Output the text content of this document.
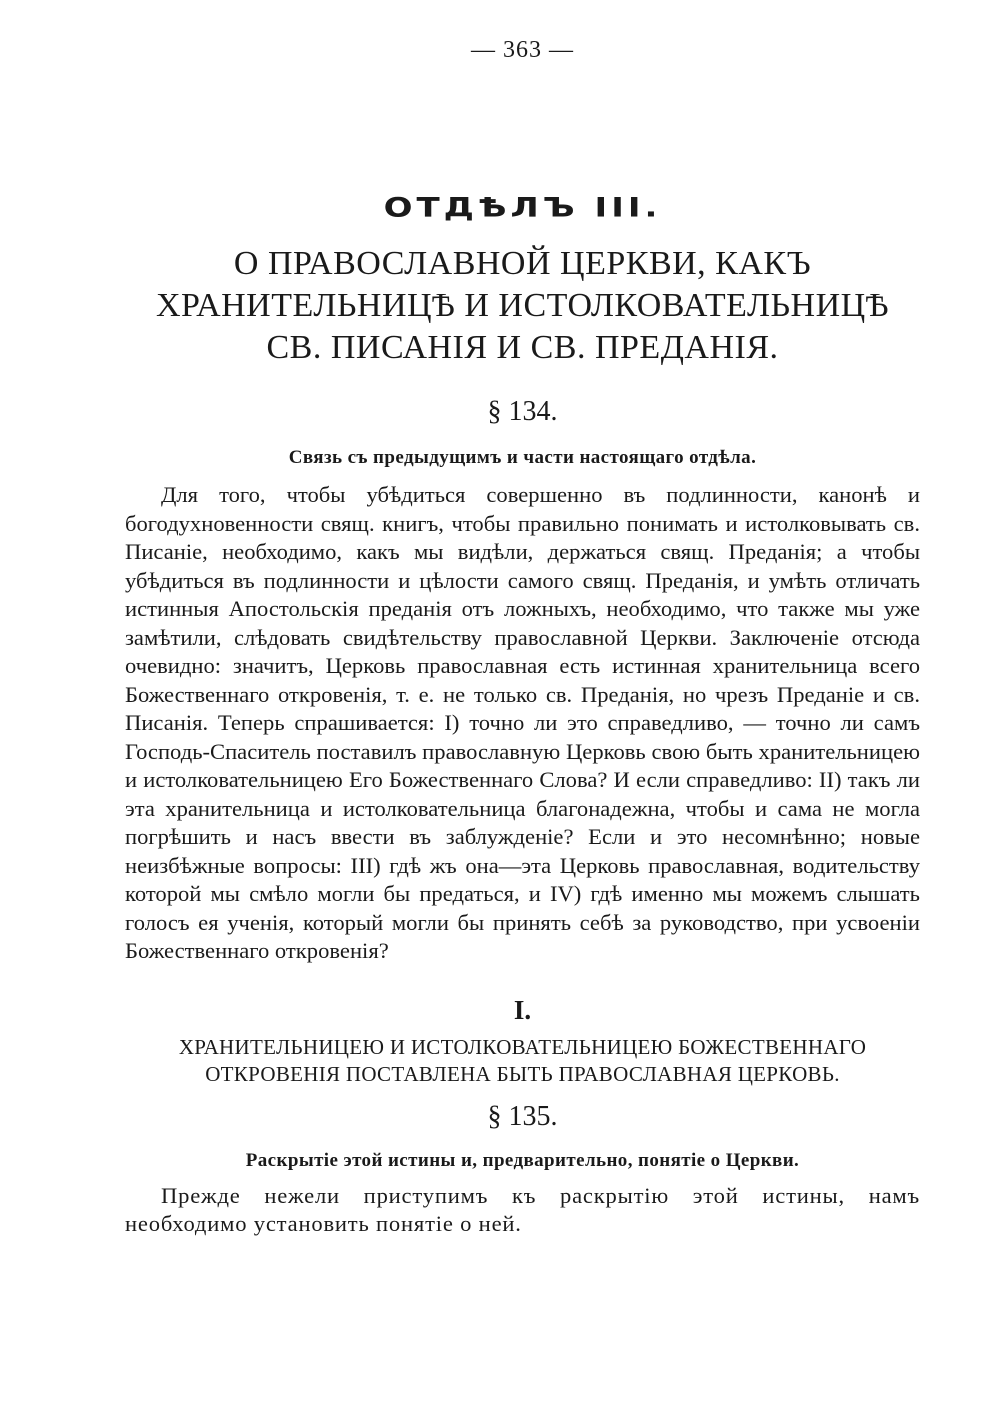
— 363 —
ОТДѢЛЪ III.
О ПРАВОСЛАВНОЙ ЦЕРКВИ, КАКЪ ХРАНИТЕЛЬНИЦѢ И ИСТОЛКОВАТЕЛЬНИЦѢ СВ. ПИСАНІЯ И СВ. ПРЕДАНІЯ.
§ 134.
Связь съ предыдущимъ и части настоящаго отдѣла.

Для того, чтобы убѣдиться совершенно въ подлинности, канонѣ и богодухновенности свящ. книгъ, чтобы правильно понимать и истолковывать св. Писаніе, необходимо, какъ мы видѣли, держаться свящ. Преданія; а чтобы убѣдиться въ подлинности и цѣлости самого свящ. Преданія, и умѣть отличать истинныя Апостольскія преданія отъ ложныхъ, необходимо, что также мы уже замѣтили, слѣдовать свидѣтельству православной Церкви. Заключеніе отсюда очевидно: значитъ, Церковь православная есть истинная хранительница всего Божественнаго откровенія, т. е. не только св. Преданія, но чрезъ Преданіе и св. Писанія. Теперь спрашивается: I) точно ли это справедливо, — точно ли самъ Господь-Спаситель поставилъ православную Церковь свою быть хранительницею и истолковательницею Его Божественнаго Слова? И если справедливо: II) такъ ли эта хранительница и истолковательница благонадежна, чтобы и сама не могла погрѣшить и насъ ввести въ заблужденіе? Если и это несомнѣнно; новые неизбѣжные вопросы: III) гдѣ жъ она—эта Церковь православная, водительству которой мы смѣло могли бы предаться, и IV) гдѣ именно мы можемъ слышать голосъ ея ученія, который могли бы принять себѣ за руководство, при усвоеніи Божественнаго откровенія?

I.
ХРАНИТЕЛЬНИЦЕЮ И ИСТОЛКОВАТЕЛЬНИЦЕЮ БОЖЕСТВЕННАГО ОТКРОВЕНІЯ ПОСТАВЛЕНА БЫТЬ ПРАВОСЛАВНАЯ ЦЕРКОВЬ.
§ 135.
Раскрытіе этой истины и, предварительно, понятіе о Церкви.

Прежде нежели приступимъ къ раскрытію этой истины, намъ необходимо установить понятіе о ней.
